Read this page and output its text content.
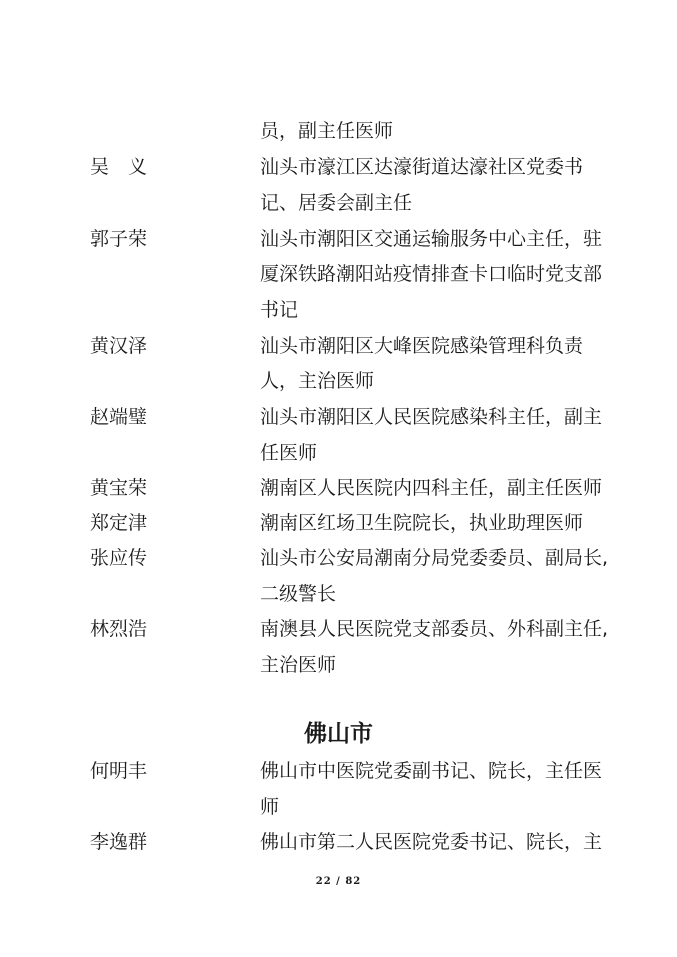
员，副主任医师
吴　义	汕头市濠江区达濠街道达濠社区党委书
记、居委会副主任
郭子荣	汕头市潮阳区交通运输服务中心主任，驻
厦深铁路潮阳站疫情排查卡口临时党支部
书记
黄汉泽	汕头市潮阳区大峰医院感染管理科负责
人，主治医师
赵端璧	汕头市潮阳区人民医院感染科主任，副主
任医师
黄宝荣	潮南区人民医院内四科主任，副主任医师
郑定津	潮南区红场卫生院院长，执业助理医师
张应传	汕头市公安局潮南分局党委委员、副局长,
二级警长
林烈浩	南澳县人民医院党支部委员、外科副主任,
主治医师
佛山市
何明丰	佛山市中医院党委副书记、院长，主任医
师
李逸群	佛山市第二人民医院党委书记、院长，主
22 / 82
